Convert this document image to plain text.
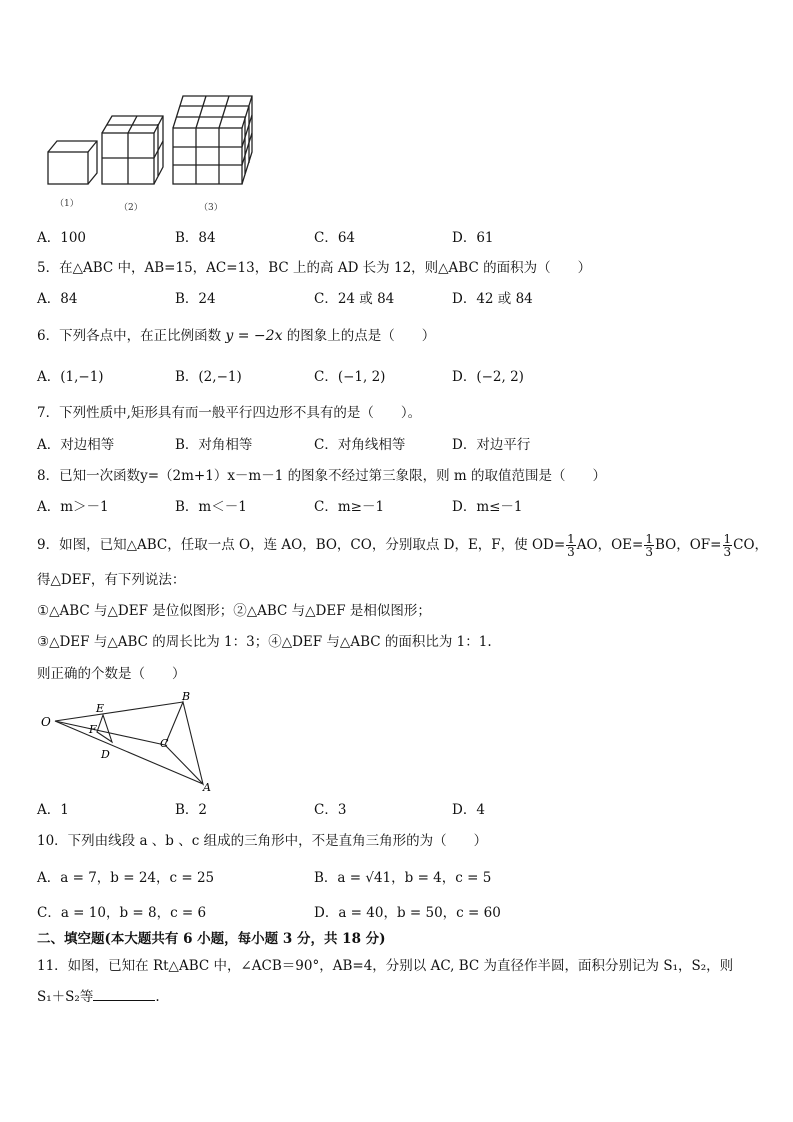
（1）	（2）	（3）
A．100	B．84	C．64	D．61
5．在△ABC 中，AB=15，AC=13，BC 上的高 AD 长为 12，则△ABC 的面积为（　　）
A．84	B．24	C．24 或 84	D．42 或 84
6．下列各点中，在正比例函数 y = −2x 的图象上的点是（　　）
A．(1,−1)	B．(2,−1)	C．(−1, 2)	D．(−2, 2)
7．下列性质中,矩形具有而一般平行四边形不具有的是（　　）。
A．对边相等	B．对角相等	C．对角线相等	D．对边平行
8．已知一次函数y=（2m+1）x－m－1 的图象不经过第三象限，则 m 的取值范围是（　　）
A．m＞－1	B．m＜－1	C．m≥－1	D．m≤－1
9．如图，已知△ABC，任取一点 O，连 AO，BO，CO，分别取点 D，E，F，使 $OD= \frac{1}{3}$ AO，$OE= \frac{1}{3}$ BO，$OF= \frac{1}{3}$ CO，
得△DEF，有下列说法：
①△ABC 与△DEF 是位似图形；②△ABC 与△DEF 是相似图形；
③△DEF 与△ABC 的周长比为 1：3；④△DEF 与△ABC 的面积比为 1：1.
则正确的个数是（　　）
O
E
F
D
B
C
A
A．1	B．2	C．3	D．4
10．下列由线段 a 、b 、c 组成的三角形中，不是直角三角形的为（　　）
A．a = 7，b = 24，c = 25	B．a = √41，b = 4，c = 5
C．a = 10，b = 8，c = 6	D．a = 40，b = 50，c = 60
二、填空题(本大题共有 6 小题，每小题 3 分，共 18 分)
11．如图，已知在 Rt△ABC 中，∠ACB＝90°，AB=4，分别以 AC, BC 为直径作半圆，面积分别记为 S₁，S₂，则
S₁＋S₂等	.
